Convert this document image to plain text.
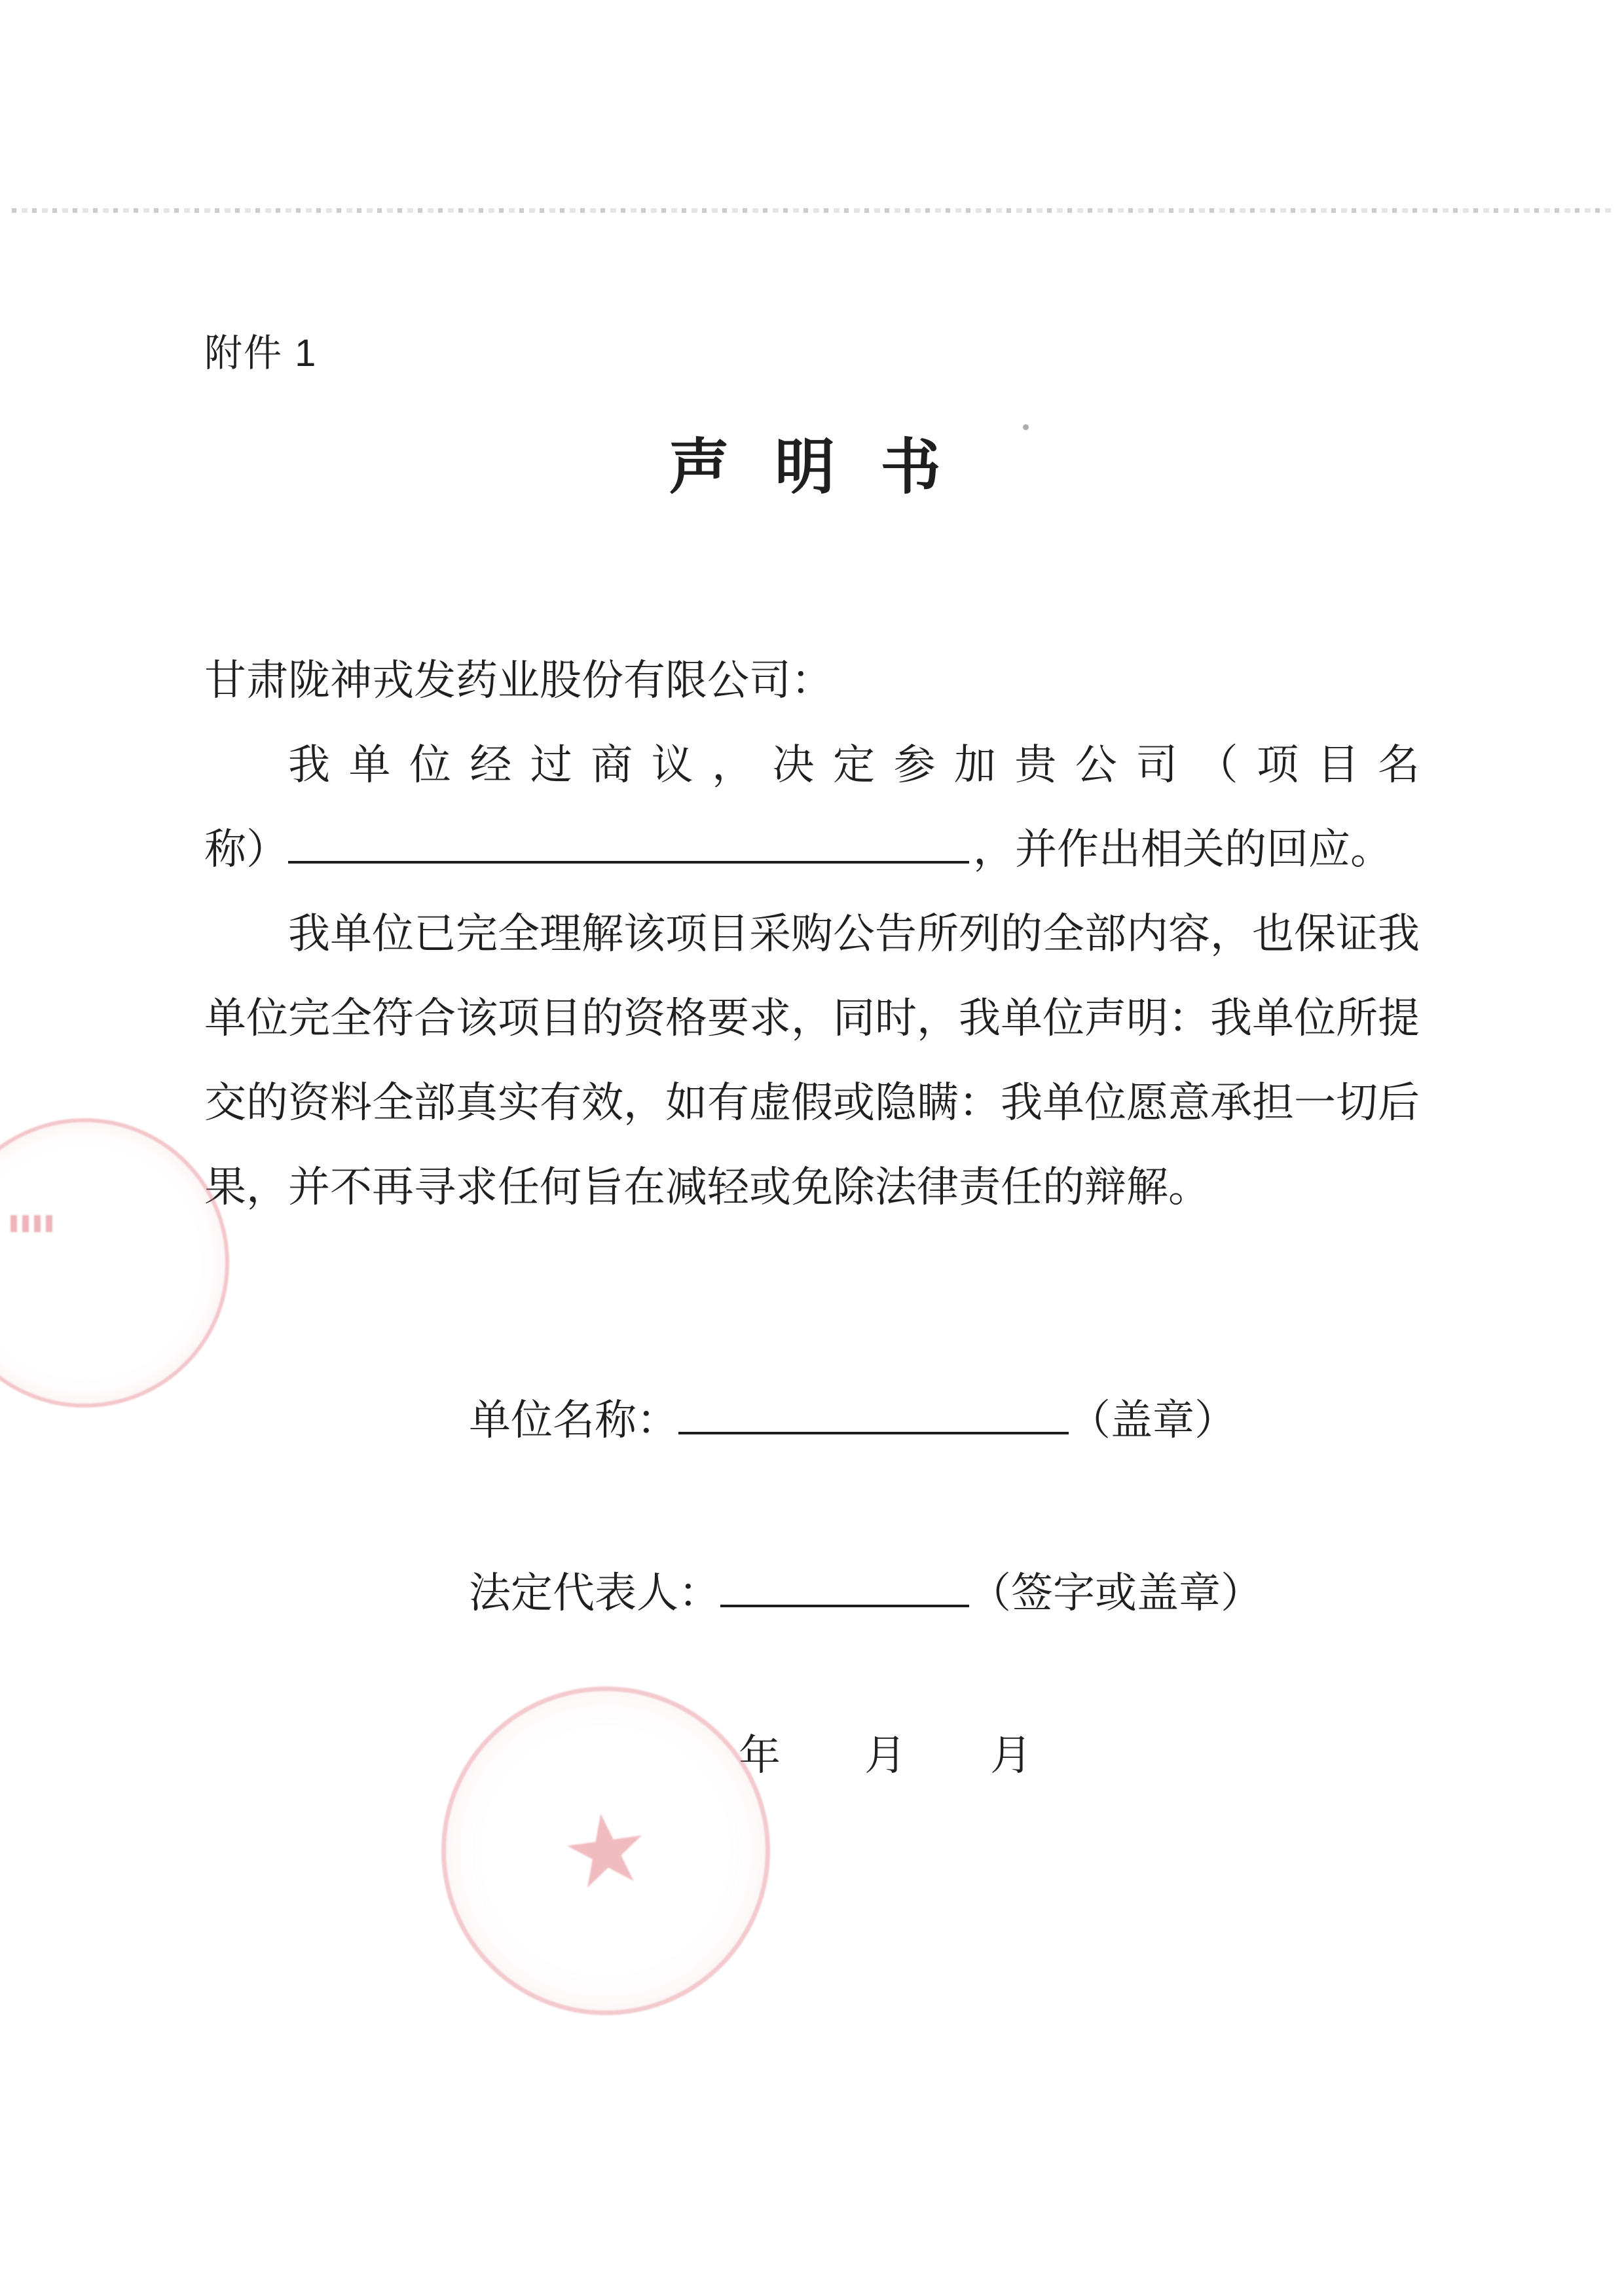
附件 1
声 明 书

甘肃陇神戎发药业股份有限公司：

我 单 位 经 过 商 议 ， 决 定 参 加 贵 公 司 （ 项 目 名

称）	，并作出相关的回应。

我单位已完全理解该项目采购公告所列的全部内容，也保证我单位完全符合该项目的资格要求，同时，我单位声明：我单位所提交的资料全部真实有效，如有虚假或隐瞒：我单位愿意承担一切后果，并不再寻求任何旨在减轻或免除法律责任的辩解。

单位名称：	（盖章）
法定代表人：	（签字或盖章）
年　　月　　月
★
